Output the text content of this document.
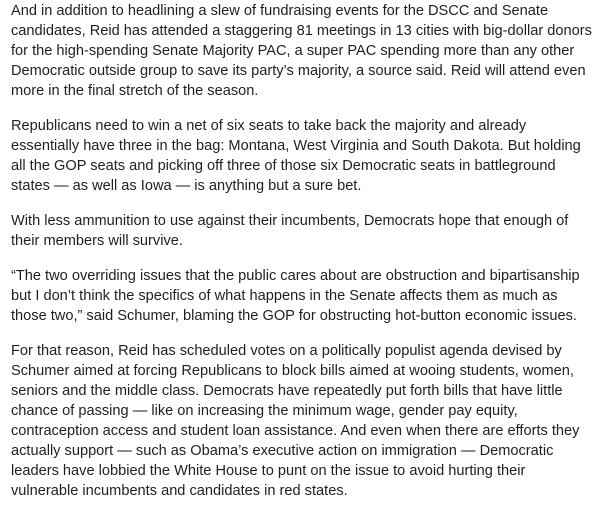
And in addition to headlining a slew of fundraising events for the DSCC and Senate candidates, Reid has attended a staggering 81 meetings in 13 cities with big-dollar donors for the high-spending Senate Majority PAC, a super PAC spending more than any other Democratic outside group to save its party’s majority, a source said. Reid will attend even more in the final stretch of the season.

Republicans need to win a net of six seats to take back the majority and already essentially have three in the bag: Montana, West Virginia and South Dakota. But holding all the GOP seats and picking off three of those six Democratic seats in battleground states — as well as Iowa — is anything but a sure bet.

With less ammunition to use against their incumbents, Democrats hope that enough of their members will survive.

“The two overriding issues that the public cares about are obstruction and bipartisanship but I don’t think the specifics of what happens in the Senate affects them as much as those two,” said Schumer, blaming the GOP for obstructing hot-button economic issues.

For that reason, Reid has scheduled votes on a politically populist agenda devised by Schumer aimed at forcing Republicans to block bills aimed at wooing students, women, seniors and the middle class. Democrats have repeatedly put forth bills that have little chance of passing — like on increasing the minimum wage, gender pay equity, contraception access and student loan assistance. And even when there are efforts they actually support — such as Obama’s executive action on immigration — Democratic leaders have lobbied the White House to punt on the issue to avoid hurting their vulnerable incumbents and candidates in red states.
